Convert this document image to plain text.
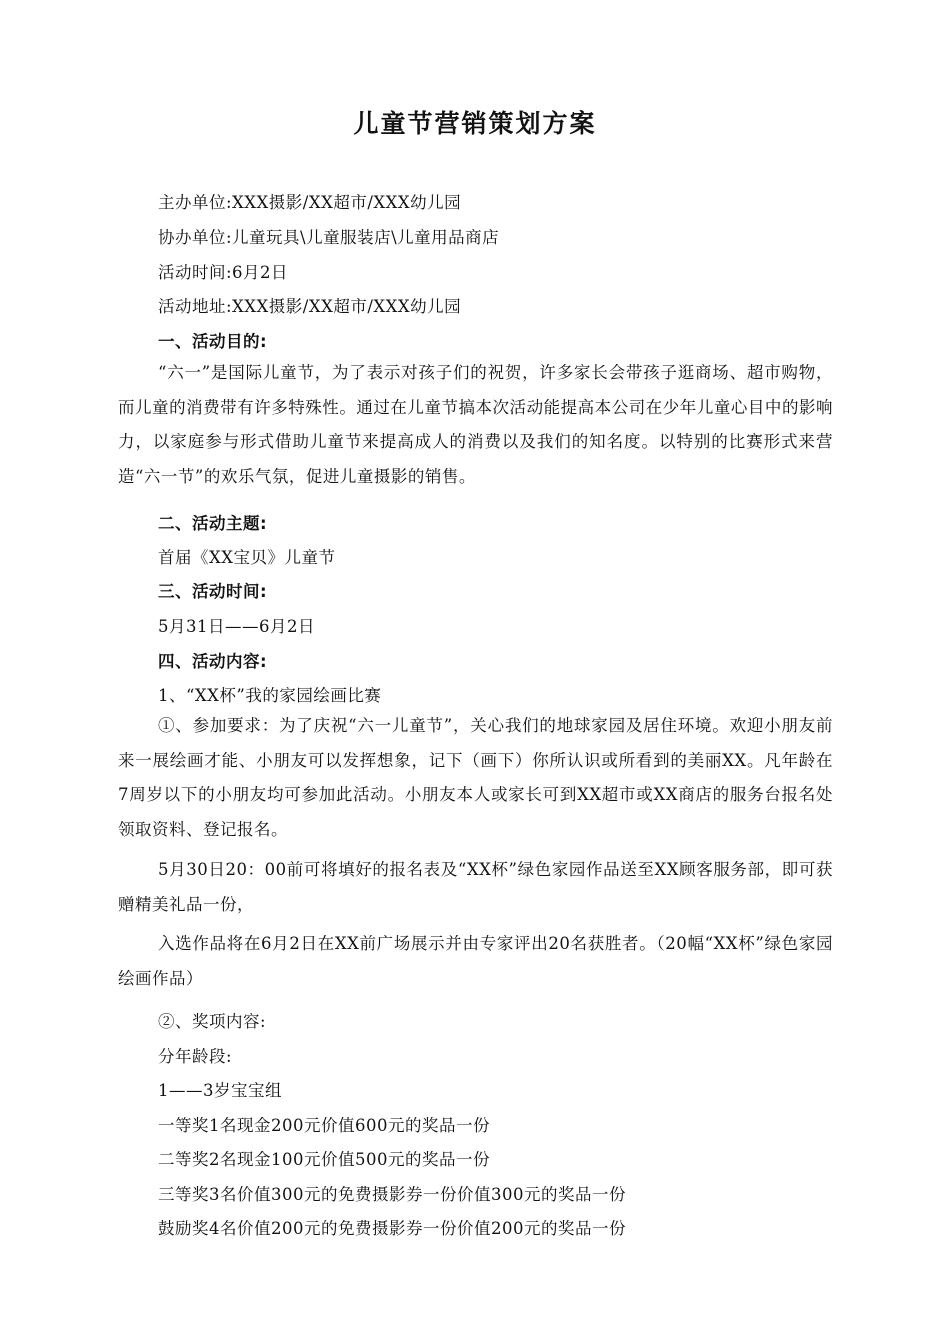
儿童节营销策划方案
主办单位:XXX摄影/XX超市/XXX幼儿园
协办单位:儿童玩具\儿童服装店\儿童用品商店
活动时间:6月2日
活动地址:XXX摄影/XX超市/XXX幼儿园
一、活动目的:
“六一”是国际儿童节，为了表示对孩子们的祝贺，许多家长会带孩子逛商场、超市购物，而儿童的消费带有许多特殊性。通过在儿童节搞本次活动能提高本公司在少年儿童心目中的影响力，以家庭参与形式借助儿童节来提高成人的消费以及我们的知名度。以特别的比赛形式来营造“六一节”的欢乐气氛，促进儿童摄影的销售。
二、活动主题:
首届《XX宝贝》儿童节
三、活动时间:
5月31日——6月2日
四、活动内容:
1、“XX杯”我的家园绘画比赛
①、参加要求：为了庆祝“六一儿童节”，关心我们的地球家园及居住环境。欢迎小朋友前来一展绘画才能、小朋友可以发挥想象，记下（画下）你所认识或所看到的美丽XX。凡年龄在7周岁以下的小朋友均可参加此活动。小朋友本人或家长可到XX超市或XX商店的服务台报名处领取资料、登记报名。
5月30日20：00前可将填好的报名表及“XX杯”绿色家园作品送至XX顾客服务部，即可获赠精美礼品一份，
入选作品将在6月2日在XX前广场展示并由专家评出20名获胜者。（20幅“XX杯”绿色家园绘画作品）
②、奖项内容:
分年龄段:
1——3岁宝宝组
一等奖1名现金200元价值600元的奖品一份
二等奖2名现金100元价值500元的奖品一份
三等奖3名价值300元的免费摄影券一份价值300元的奖品一份
鼓励奖4名价值200元的免费摄影券一份价值200元的奖品一份
